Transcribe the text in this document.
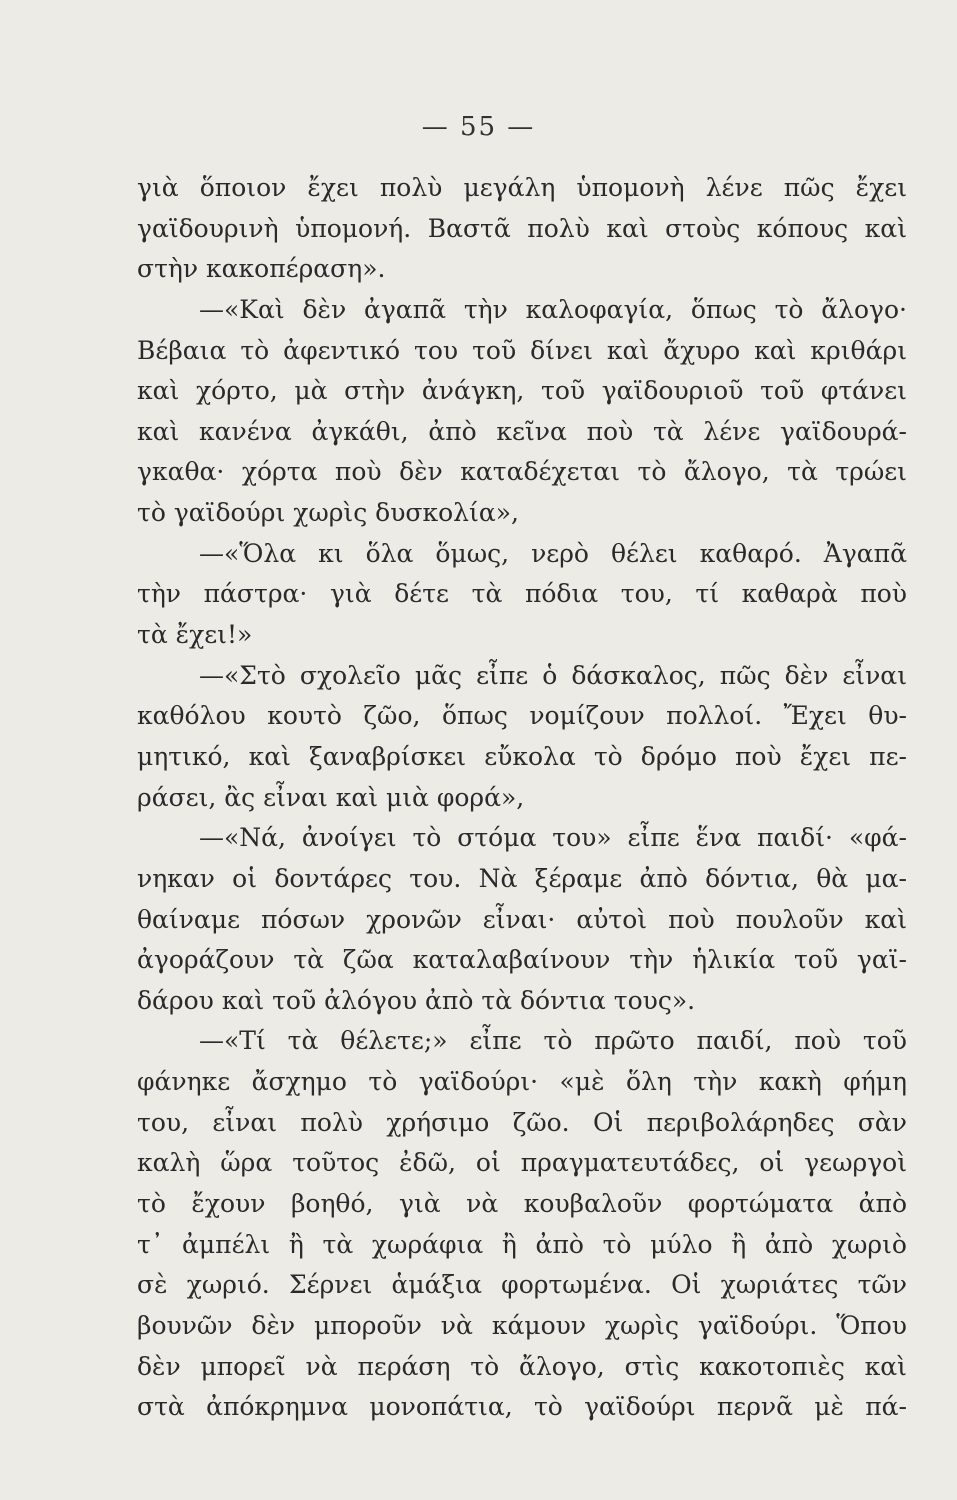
— 55 —
γιὰ ὅποιον ἔχει πολὺ μεγάλη ὑπομονὴ λένε πῶς ἔχει
γαϊδουρινὴ ὑπομονή. Βαστᾶ πολὺ καὶ στοὺς κόπους καὶ
στὴν κακοπέραση».
—«Καὶ δὲν ἀγαπᾶ τὴν καλοφαγία, ὅπως τὸ ἄλογο·
Βέβαια τὸ ἀφεντικό του τοῦ δίνει καὶ ἄχυρο καὶ κριθάρι
καὶ χόρτο, μὰ στὴν ἀνάγκη, τοῦ γαϊδουριοῦ τοῦ φτάνει
καὶ κανένα ἀγκάθι, ἀπὸ κεῖνα ποὺ τὰ λένε γαϊδουρά-
γκαθα· χόρτα ποὺ δὲν καταδέχεται τὸ ἄλογο, τὰ τρώει
τὸ γαϊδούρι χωρὶς δυσκολία»,
—«Ὅλα κι ὅλα ὅμως, νερὸ θέλει καθαρό. Ἀγαπᾶ
τὴν πάστρα· γιὰ δέτε τὰ πόδια του, τί καθαρὰ ποὺ
τὰ ἔχει!»
—«Στὸ σχολεῖο μᾶς εἶπε ὁ δάσκαλος, πῶς δὲν εἶναι
καθόλου κουτὸ ζῶο, ὅπως νομίζουν πολλοί. Ἔχει θυ-
μητικό, καὶ ξαναβρίσκει εὔκολα τὸ δρόμο ποὺ ἔχει πε-
ράσει, ἂς εἶναι καὶ μιὰ φορά»,
—«Νά, ἀνοίγει τὸ στόμα του» εἶπε ἕνα παιδί· «φά-
νηκαν οἱ δοντάρες του. Νὰ ξέραμε ἀπὸ δόντια, θὰ μα-
θαίναμε πόσων χρονῶν εἶναι· αὐτοὶ ποὺ πουλοῦν καὶ
ἀγοράζουν τὰ ζῶα καταλαβαίνουν τὴν ἡλικία τοῦ γαϊ-
δάρου καὶ τοῦ ἀλόγου ἀπὸ τὰ δόντια τους».
—«Τί τὰ θέλετε;» εἶπε τὸ πρῶτο παιδί, ποὺ τοῦ
φάνηκε ἄσχημο τὸ γαϊδούρι· «μὲ ὅλη τὴν κακὴ φήμη
του, εἶναι πολὺ χρήσιμο ζῶο. Οἱ περιβολάρηδες σὰν
καλὴ ὥρα τοῦτος ἐδῶ, οἱ πραγματευτάδες, οἱ γεωργοὶ
τὸ ἔχουν βοηθό, γιὰ νὰ κουβαλοῦν φορτώματα ἀπὸ
τ᾽ ἀμπέλι ἢ τὰ χωράφια ἢ ἀπὸ τὸ μύλο ἢ ἀπὸ χωριὸ
σὲ χωριό. Σέρνει ἁμάξια φορτωμένα. Οἱ χωριάτες τῶν
βουνῶν δὲν μποροῦν νὰ κάμουν χωρὶς γαϊδούρι. Ὅπου
δὲν μπορεῖ νὰ περάση τὸ ἄλογο, στὶς κακοτοπιὲς καὶ
στὰ ἀπόκρημνα μονοπάτια, τὸ γαϊδούρι περνᾶ μὲ πά-
